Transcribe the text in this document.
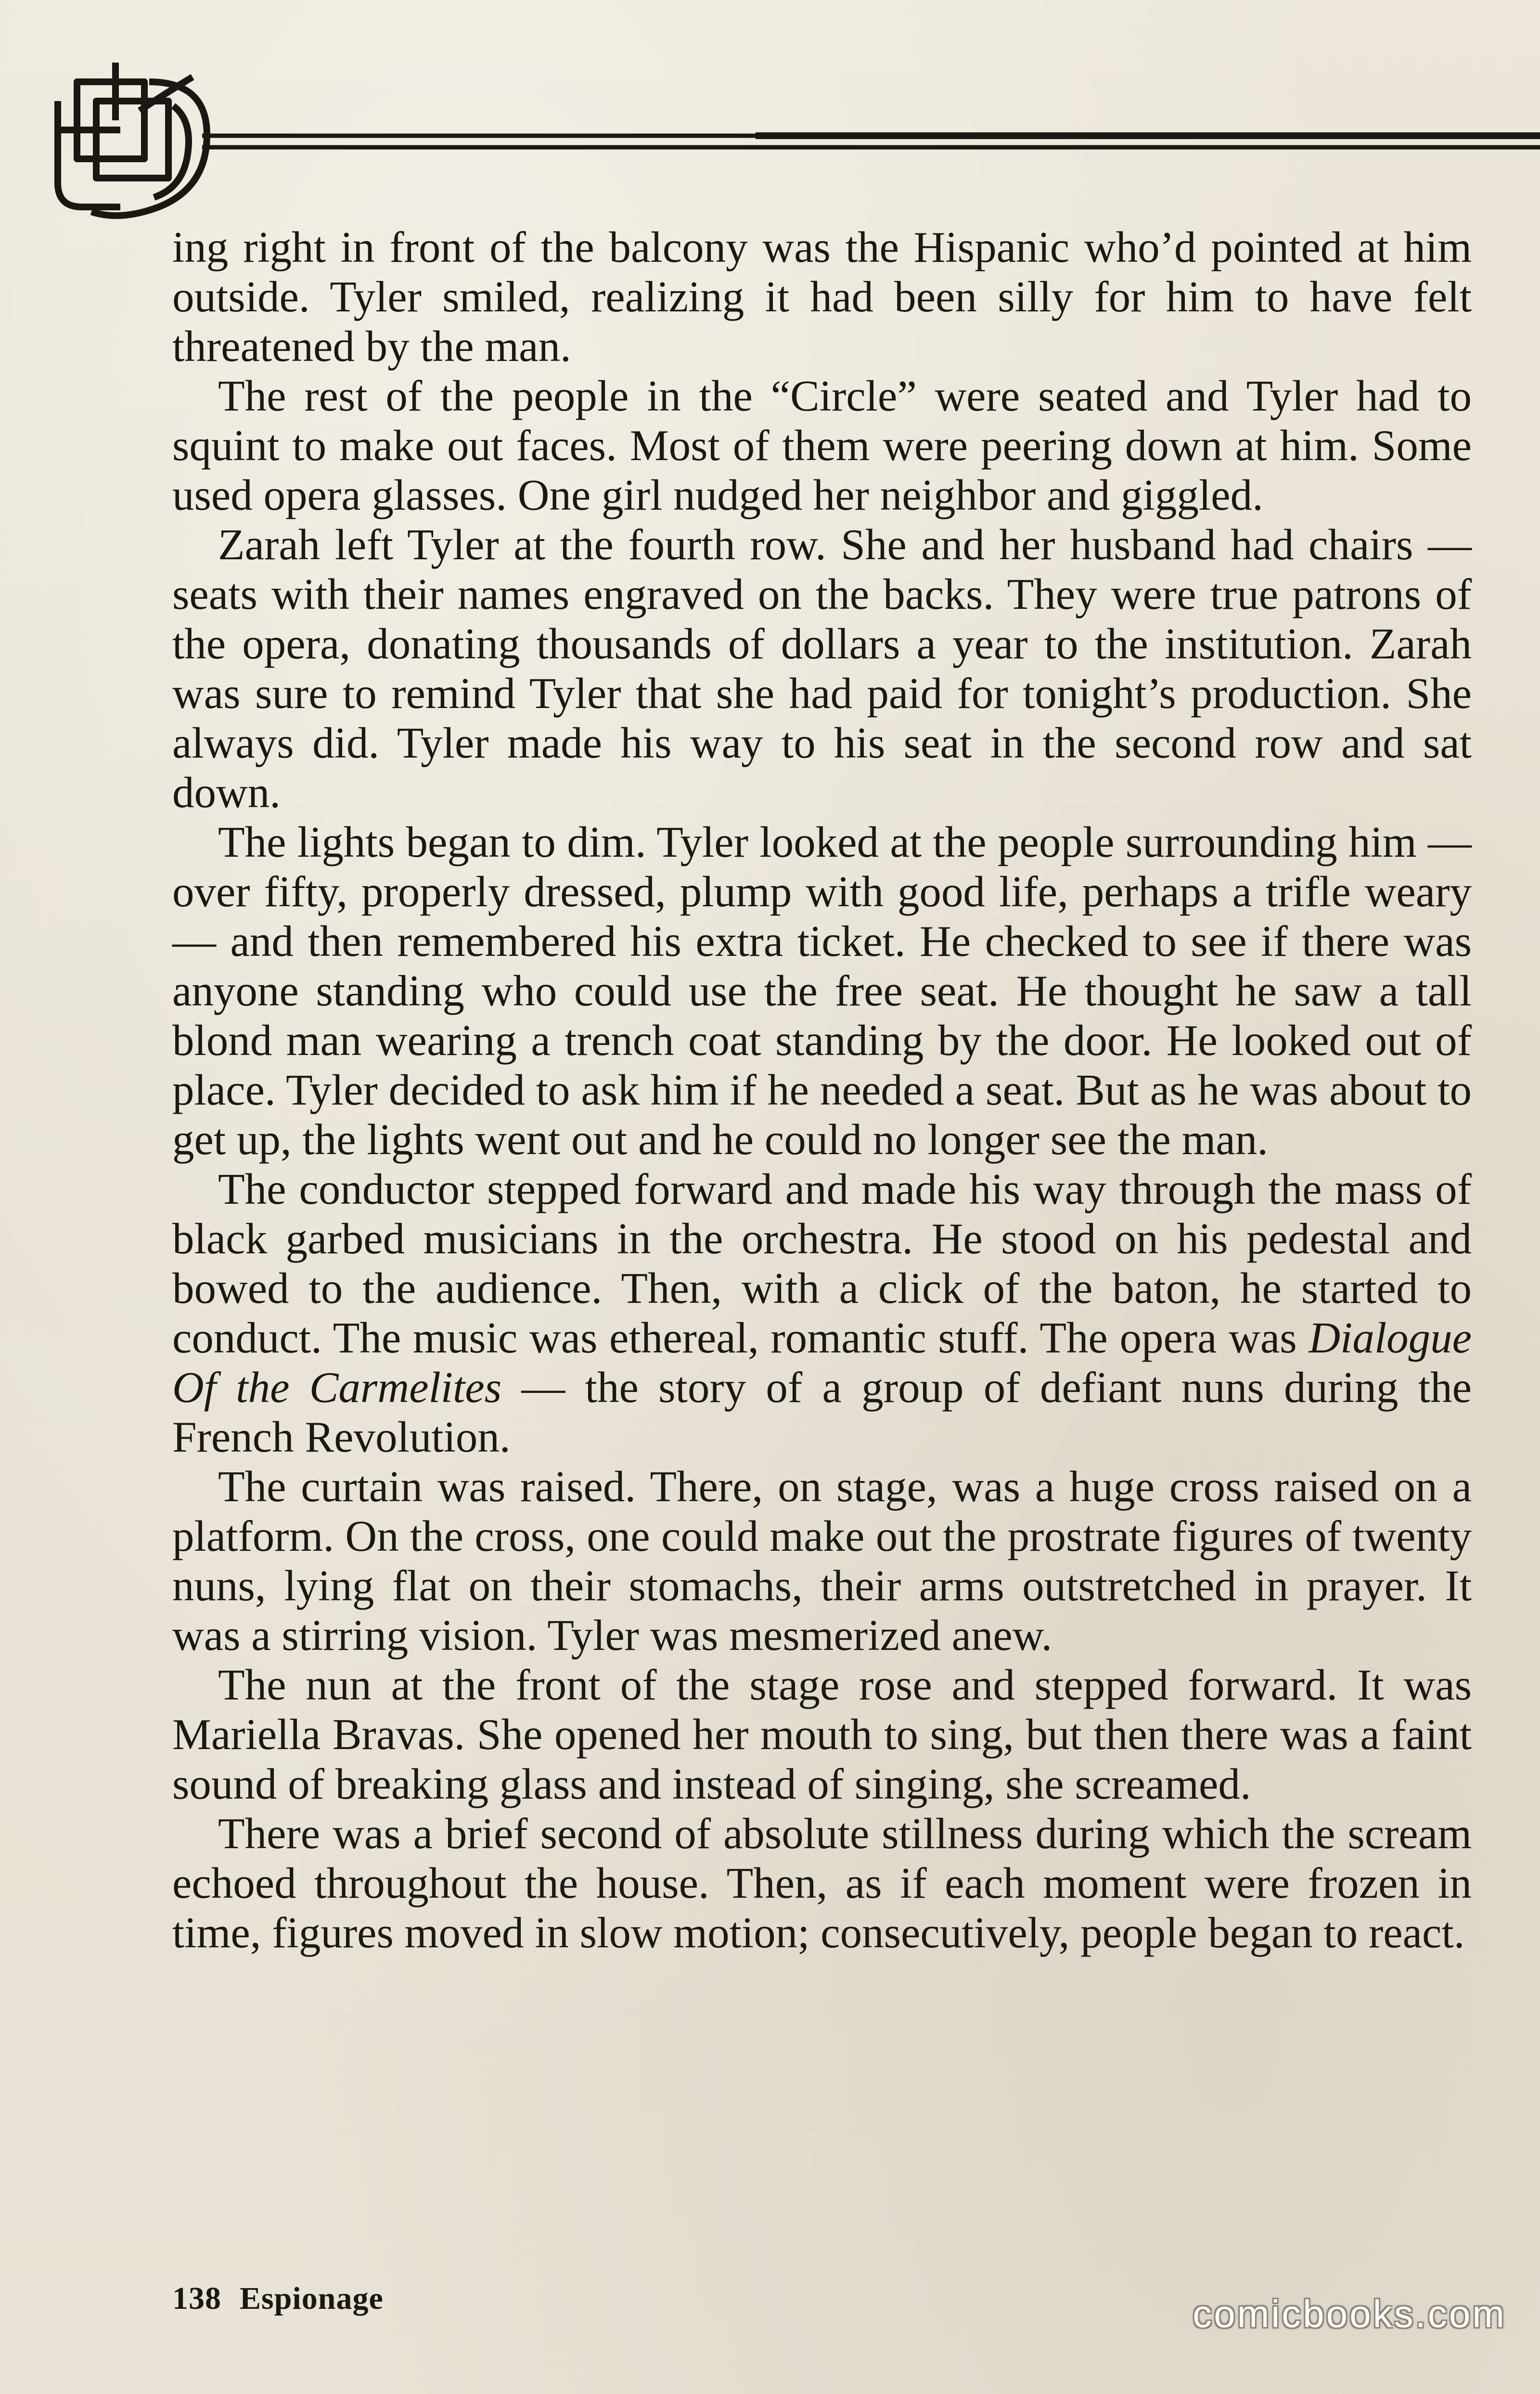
ing right in front of the balcony was the Hispanic who’d pointed at him outside. Tyler smiled, realizing it had been silly for him to have felt threatened by the man.

The rest of the people in the “Circle” were seated and Tyler had to squint to make out faces. Most of them were peering down at him. Some used opera glasses. One girl nudged her neighbor and giggled.

Zarah left Tyler at the fourth row. She and her husband had chairs — seats with their names engraved on the backs. They were true patrons of the opera, donating thousands of dollars a year to the institution. Zarah was sure to remind Tyler that she had paid for tonight’s production. She always did. Tyler made his way to his seat in the second row and sat down.

The lights began to dim. Tyler looked at the people surrounding him — over fifty, properly dressed, plump with good life, perhaps a trifle weary — and then remembered his extra ticket. He checked to see if there was anyone standing who could use the free seat. He thought he saw a tall blond man wearing a trench coat standing by the door. He looked out of place. Tyler decided to ask him if he needed a seat. But as he was about to get up, the lights went out and he could no longer see the man.

The conductor stepped forward and made his way through the mass of black garbed musicians in the orchestra. He stood on his pedestal and bowed to the audience. Then, with a click of the baton, he started to conduct. The music was ethereal, romantic stuff. The opera was Dialogue Of the Carmelites — the story of a group of defiant nuns during the French Revolution.

The curtain was raised. There, on stage, was a huge cross raised on a platform. On the cross, one could make out the prostrate figures of twenty nuns, lying flat on their stomachs, their arms outstretched in prayer. It was a stirring vision. Tyler was mesmerized anew.

The nun at the front of the stage rose and stepped forward. It was Mariella Bravas. She opened her mouth to sing, but then there was a faint sound of breaking glass and instead of singing, she screamed.

There was a brief second of absolute stillness during which the scream echoed throughout the house. Then, as if each moment were frozen in time, figures moved in slow motion; consecutively, people began to react.

138 Espionage	comicbooks.com
